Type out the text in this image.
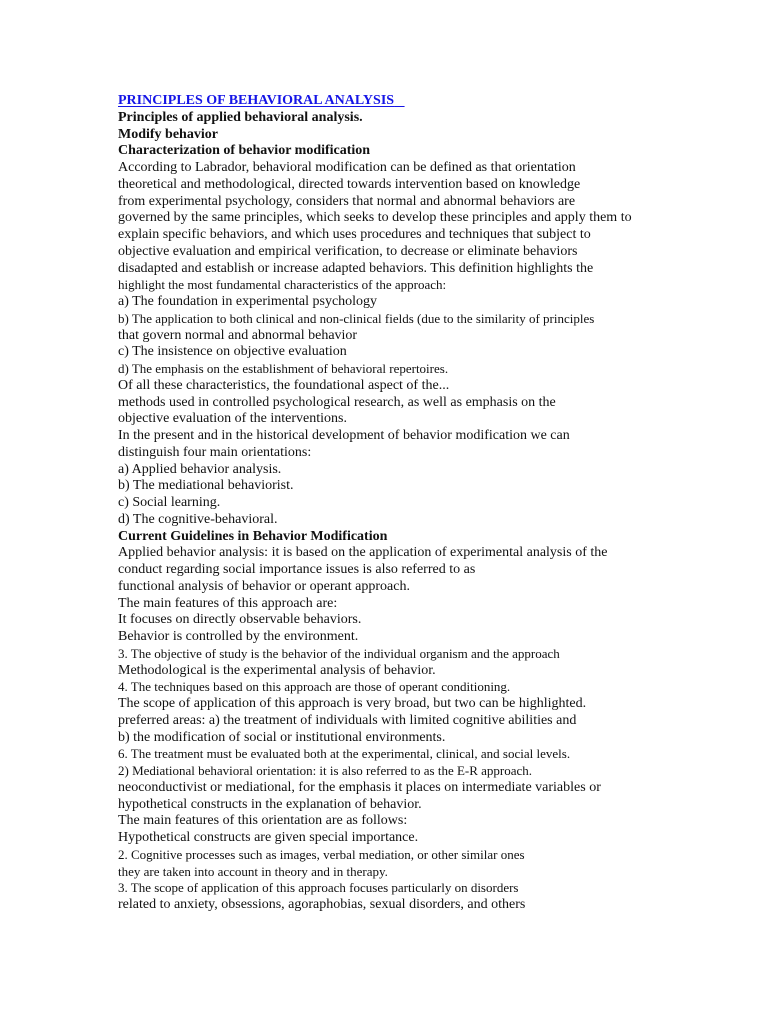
PRINCIPLES OF BEHAVIORAL ANALYSIS
Principles of applied behavioral analysis.
Modify behavior
Characterization of behavior modification
According to Labrador, behavioral modification can be defined as that orientation
theoretical and methodological, directed towards intervention based on knowledge
from experimental psychology, considers that normal and abnormal behaviors are
governed by the same principles, which seeks to develop these principles and apply them to
explain specific behaviors, and which uses procedures and techniques that subject to
objective evaluation and empirical verification, to decrease or eliminate behaviors
disadapted and establish or increase adapted behaviors. This definition highlights the
highlight the most fundamental characteristics of the approach:
a) The foundation in experimental psychology
b) The application to both clinical and non-clinical fields (due to the similarity of principles
that govern normal and abnormal behavior
c) The insistence on objective evaluation
d) The emphasis on the establishment of behavioral repertoires.
Of all these characteristics, the foundational aspect of the...
methods used in controlled psychological research, as well as emphasis on the
objective evaluation of the interventions.
In the present and in the historical development of behavior modification we can
distinguish four main orientations:
a) Applied behavior analysis.
b) The mediational behaviorist.
c) Social learning.
d) The cognitive-behavioral.
Current Guidelines in Behavior Modification
Applied behavior analysis: it is based on the application of experimental analysis of the
conduct regarding social importance issues is also referred to as
functional analysis of behavior or operant approach.
The main features of this approach are:
It focuses on directly observable behaviors.
Behavior is controlled by the environment.
3. The objective of study is the behavior of the individual organism and the approach
Methodological is the experimental analysis of behavior.
4. The techniques based on this approach are those of operant conditioning.
The scope of application of this approach is very broad, but two can be highlighted.
preferred areas: a) the treatment of individuals with limited cognitive abilities and
b) the modification of social or institutional environments.
6. The treatment must be evaluated both at the experimental, clinical, and social levels.
2) Mediational behavioral orientation: it is also referred to as the E-R approach.
neoconductivist or mediational, for the emphasis it places on intermediate variables or
hypothetical constructs in the explanation of behavior.
The main features of this orientation are as follows:
Hypothetical constructs are given special importance.
2. Cognitive processes such as images, verbal mediation, or other similar ones
they are taken into account in theory and in therapy.
3. The scope of application of this approach focuses particularly on disorders
related to anxiety, obsessions, agoraphobias, sexual disorders, and others
